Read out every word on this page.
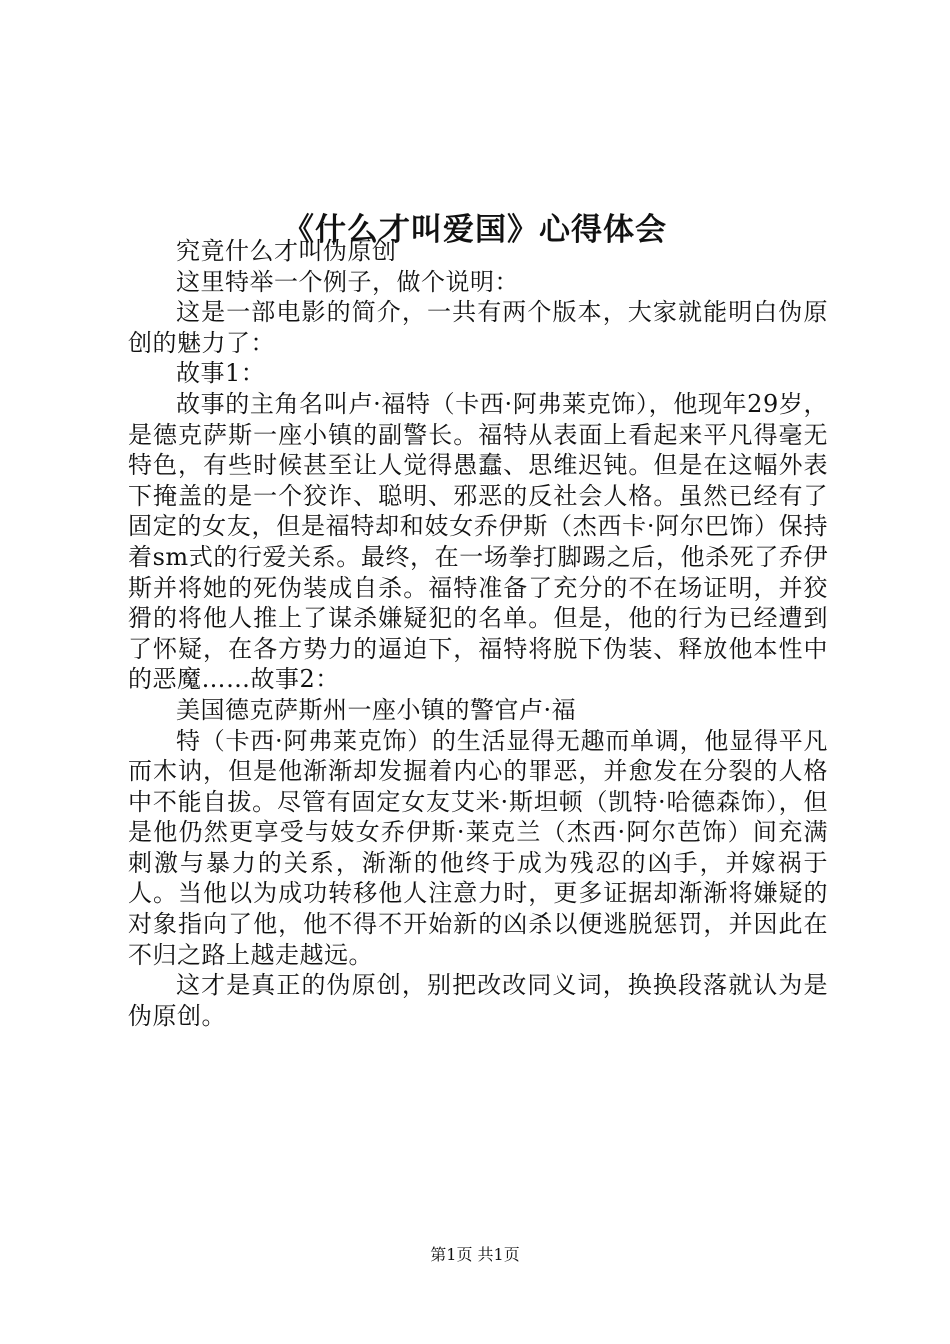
《什么才叫爱国》心得体会

究竟什么才叫伪原创

这里特举一个例子，做个说明：

这是一部电影的简介，一共有两个版本，大家就能明白伪原创的魅力了：

故事1：

故事的主角名叫卢·福特（卡西·阿弗莱克饰），他现年29岁，是德克萨斯一座小镇的副警长。福特从表面上看起来平凡得毫无特色，有些时候甚至让人觉得愚蠢、思维迟钝。但是在这幅外表下掩盖的是一个狡诈、聪明、邪恶的反社会人格。虽然已经有了固定的女友，但是福特却和妓女乔伊斯（杰西卡·阿尔巴饰）保持着sm式的行爱关系。最终，在一场拳打脚踢之后，他杀死了乔伊斯并将她的死伪装成自杀。福特准备了充分的不在场证明，并狡猾的将他人推上了谋杀嫌疑犯的名单。但是，他的行为已经遭到了怀疑，在各方势力的逼迫下，福特将脱下伪装、释放他本性中的恶魔……故事2：

美国德克萨斯州一座小镇的警官卢·福

特（卡西·阿弗莱克饰）的生活显得无趣而单调，他显得平凡而木讷，但是他渐渐却发掘着内心的罪恶，并愈发在分裂的人格中不能自拔。尽管有固定女友艾米·斯坦顿（凯特·哈德森饰），但是他仍然更享受与妓女乔伊斯·莱克兰（杰西·阿尔芭饰）间充满刺激与暴力的关系，渐渐的他终于成为残忍的凶手，并嫁祸于人。当他以为成功转移他人注意力时，更多证据却渐渐将嫌疑的对象指向了他，他不得不开始新的凶杀以便逃脱惩罚，并因此在不归之路上越走越远。

这才是真正的伪原创，别把改改同义词，换换段落就认为是伪原创。

第1页 共1页
